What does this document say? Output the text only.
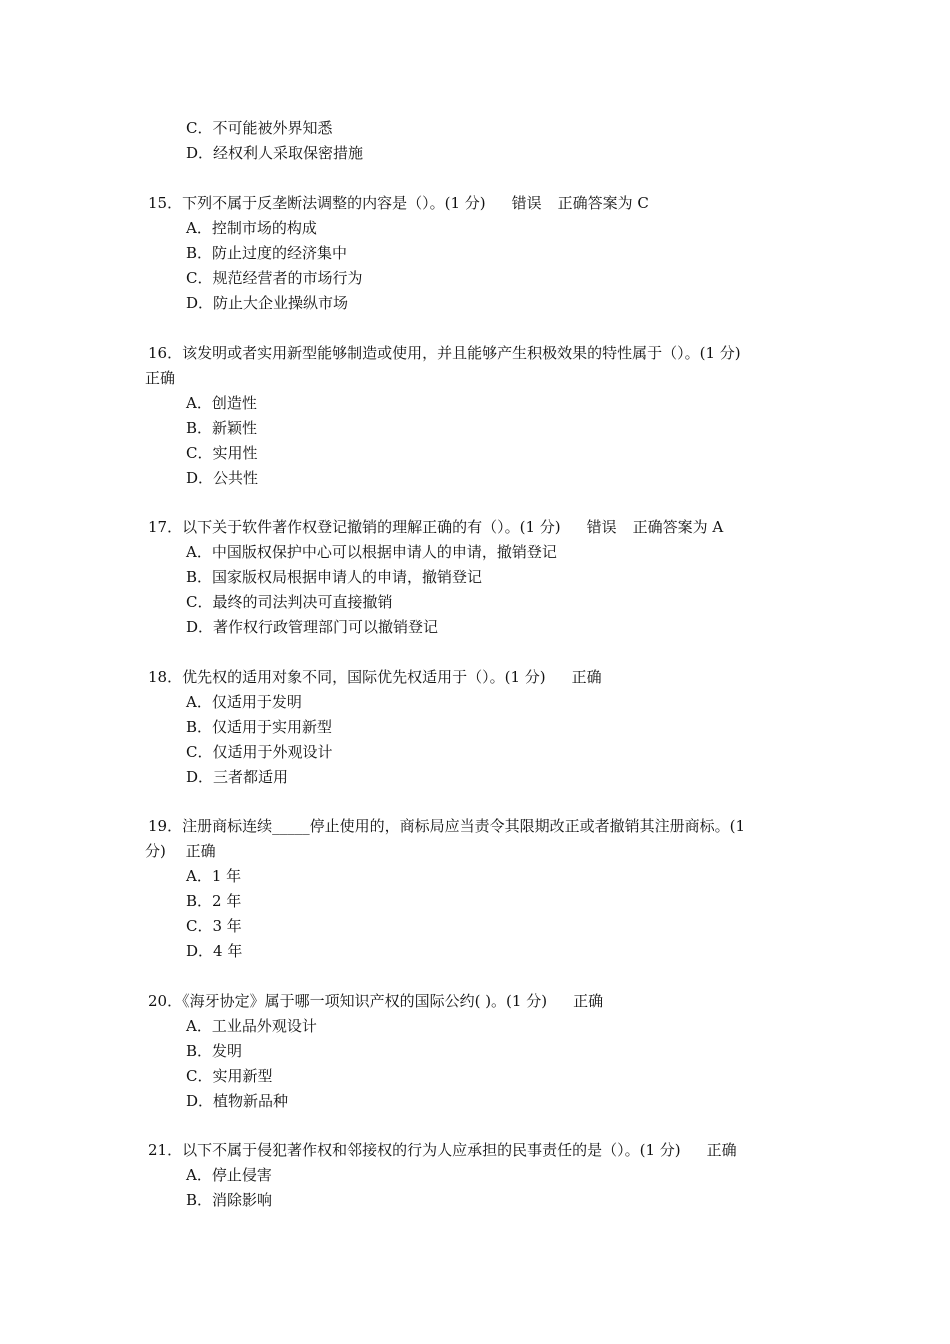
C．不可能被外界知悉
D．经权利人采取保密措施
15．下列不属于反垄断法调整的内容是（）。(1 分) 错误 正确答案为 C
A．控制市场的构成
B．防止过度的经济集中
C．规范经营者的市场行为
D．防止大企业操纵市场
16．该发明或者实用新型能够制造或使用，并且能够产生积极效果的特性属于（）。(1 分)
正确
A．创造性
B．新颖性
C．实用性
D．公共性
17．以下关于软件著作权登记撤销的理解正确的有（）。(1 分) 错误 正确答案为 A
A．中国版权保护中心可以根据申请人的申请，撤销登记
B．国家版权局根据申请人的申请，撤销登记
C．最终的司法判决可直接撤销
D．著作权行政管理部门可以撤销登记
18．优先权的适用对象不同，国际优先权适用于（）。(1 分) 正确
A．仅适用于发明
B．仅适用于实用新型
C．仅适用于外观设计
D．三者都适用
19．注册商标连续_____停止使用的，商标局应当责令其限期改正或者撤销其注册商标。(1
分)　 正确
A．1 年
B．2 年
C．3 年
D．4 年
20．《海牙协定》属于哪一项知识产权的国际公约( )。(1 分) 正确
A．工业品外观设计
B．发明
C．实用新型
D．植物新品种
21．以下不属于侵犯著作权和邻接权的行为人应承担的民事责任的是（）。(1 分) 正确
A．停止侵害
B．消除影响
